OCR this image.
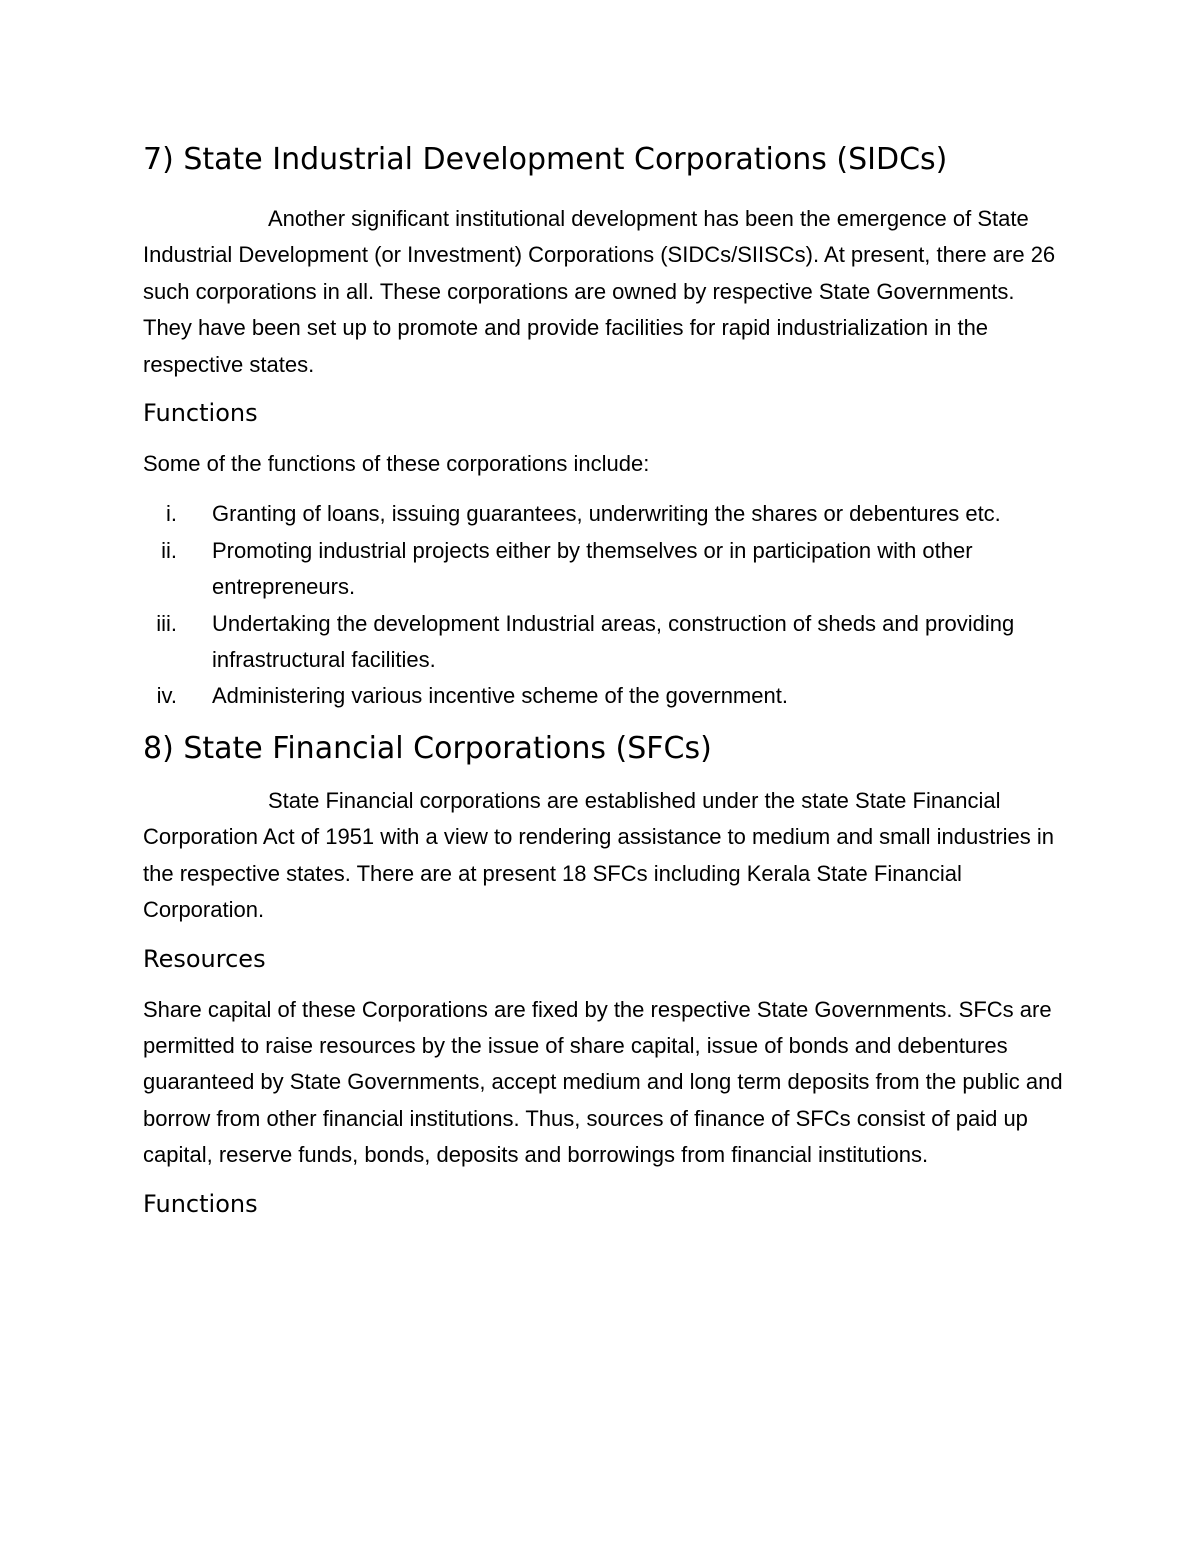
7) State Industrial Development Corporations (SIDCs)

Another significant institutional development has been the emergence of State Industrial Development (or Investment) Corporations (SIDCs/SIISCs). At present, there are 26 such corporations in all. These corporations are owned by respective State Governments. They have been set up to promote and provide facilities for rapid industrialization in the respective states.

Functions

Some of the functions of these corporations include:

i. Granting of loans, issuing guarantees, underwriting the shares or debentures etc.
ii. Promoting industrial projects either by themselves or in participation with other entrepreneurs.
iii. Undertaking the development Industrial areas, construction of sheds and providing infrastructural facilities.
iv. Administering various incentive scheme of the government.
8) State Financial Corporations (SFCs)

State Financial corporations are established under the state State Financial Corporation Act of 1951 with a view to rendering assistance to medium and small industries in the respective states. There are at present 18 SFCs including Kerala State Financial Corporation.

Resources

Share capital of these Corporations are fixed by the respective State Governments. SFCs are permitted to raise resources by the issue of share capital, issue of bonds and debentures guaranteed by State Governments, accept medium and long term deposits from the public and borrow from other financial institutions. Thus, sources of finance of SFCs consist of paid up capital, reserve funds, bonds, deposits and borrowings from financial institutions.

Functions
